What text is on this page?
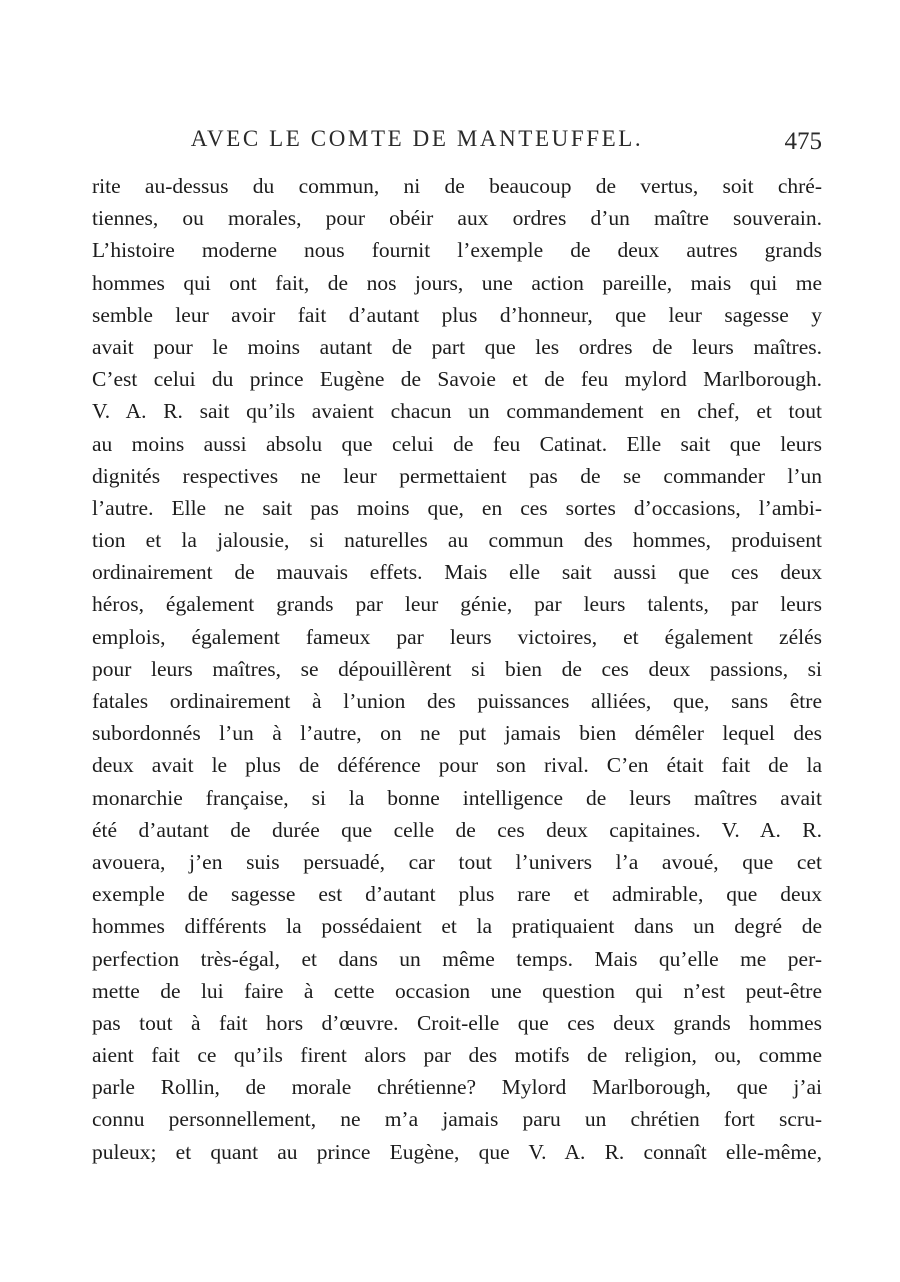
AVEC LE COMTE DE MANTEUFFEL.	475
rite au-dessus du commun, ni de beaucoup de vertus, soit chré-
tiennes, ou morales, pour obéir aux ordres d’un maître souverain.
L’histoire moderne nous fournit l’exemple de deux autres grands
hommes qui ont fait, de nos jours, une action pareille, mais qui me
semble leur avoir fait d’autant plus d’honneur, que leur sagesse y
avait pour le moins autant de part que les ordres de leurs maîtres.
C’est celui du prince Eugène de Savoie et de feu mylord Marlborough.
V. A. R. sait qu’ils avaient chacun un commandement en chef, et tout
au moins aussi absolu que celui de feu Catinat. Elle sait que leurs
dignités respectives ne leur permettaient pas de se commander l’un
l’autre. Elle ne sait pas moins que, en ces sortes d’occasions, l’ambi-
tion et la jalousie, si naturelles au commun des hommes, produisent
ordinairement de mauvais effets. Mais elle sait aussi que ces deux
héros, également grands par leur génie, par leurs talents, par leurs
emplois, également fameux par leurs victoires, et également zélés
pour leurs maîtres, se dépouillèrent si bien de ces deux passions, si
fatales ordinairement à l’union des puissances alliées, que, sans être
subordonnés l’un à l’autre, on ne put jamais bien démêler lequel des
deux avait le plus de déférence pour son rival. C’en était fait de la
monarchie française, si la bonne intelligence de leurs maîtres avait
été d’autant de durée que celle de ces deux capitaines. V. A. R.
avouera, j’en suis persuadé, car tout l’univers l’a avoué, que cet
exemple de sagesse est d’autant plus rare et admirable, que deux
hommes différents la possédaient et la pratiquaient dans un degré de
perfection très-égal, et dans un même temps. Mais qu’elle me per-
mette de lui faire à cette occasion une question qui n’est peut-être
pas tout à fait hors d’œuvre. Croit-elle que ces deux grands hommes
aient fait ce qu’ils firent alors par des motifs de religion, ou, comme
parle Rollin, de morale chrétienne? Mylord Marlborough, que j’ai
connu personnellement, ne m’a jamais paru un chrétien fort scru-
puleux; et quant au prince Eugène, que V. A. R. connaît elle-même,
